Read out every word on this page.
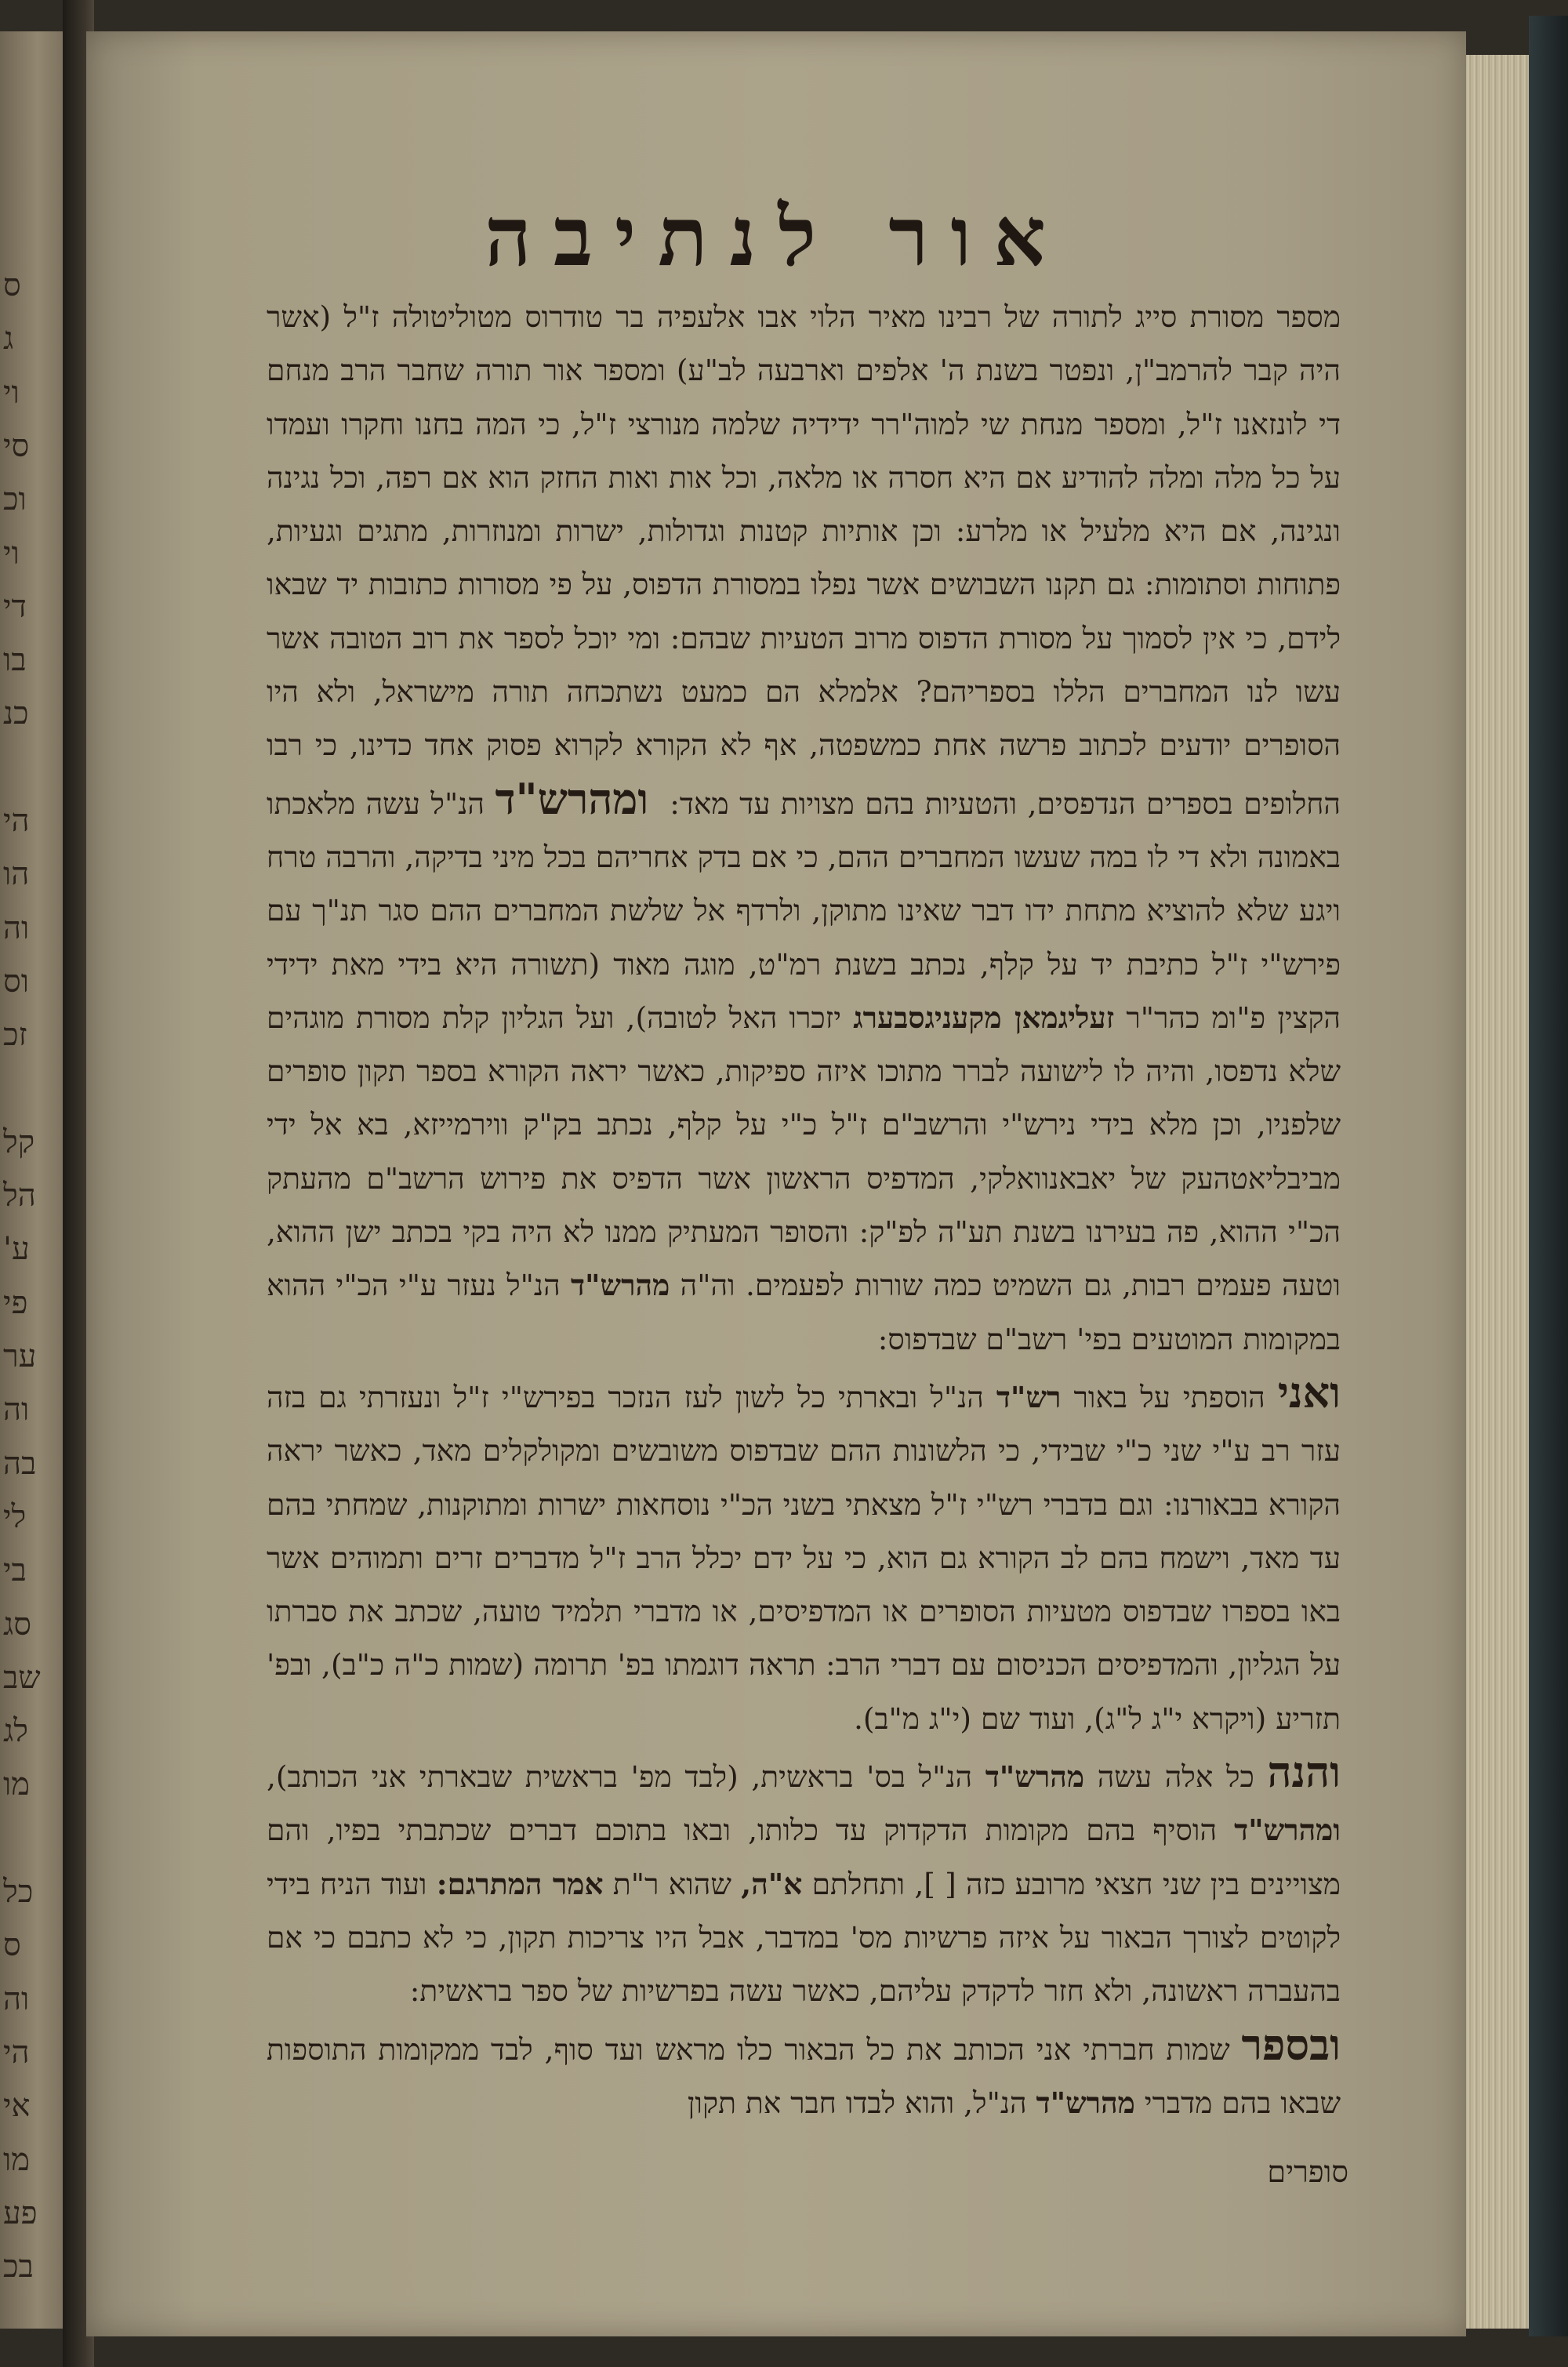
ס
ג
וי
סי
וכ
וי
די
בו
כנ
הי
הו
וה
וס
זכ
קל
הל
ע'
פי
ער
וה
בה
לי
בי
סג
שב
לג
מו
כל
ס
וה
הי
אי
מו
פע
בכ
אור לנתיבה

מספר מסורת סייג לתורה של רבינו מאיר הלוי אבו אלעפיה בר טודרוס מטוליטולה ז"ל (אשר היה קבר להרמב"ן, ונפטר בשנת ה' אלפים וארבעה לב"ע) ומספר אור תורה שחבר הרב מנחם די לונזאנו ז"ל, ומספר מנחת שי למוה"רר ידידיה שלמה מנורצי ז"ל, כי המה בחנו וחקרו ועמדו על כל מלה ומלה להודיע אם היא חסרה או מלאה, וכל אות ואות החזק הוא אם רפה, וכל נגינה ונגינה, אם היא מלעיל או מלרע: וכן אותיות קטנות וגדולות, ישרות ומנוזרות, מתגים וגעיות, פתוחות וסתומות: גם תקנו השבושים אשר נפלו במסורת הדפוס, על פי מסורות כתובות יד שבאו לידם, כי אין לסמוך על מסורת הדפוס מרוב הטעיות שבהם: ומי יוכל לספר את רוב הטובה אשר עשו לנו המחברים הללו בספריהם? אלמלא הם כמעט נשתכחה תורה מישראל, ולא היו הסופרים יודעים לכתוב פרשה אחת כמשפטה, אף לא הקורא לקרוא פסוק אחד כדינו, כי רבו החלופים בספרים הנדפסים, והטעיות בהם מצויות עד מאד:  ומהרש"ד הנ"ל עשה מלאכתו באמונה ולא די לו במה שעשו המחברים ההם, כי אם בדק אחריהם בכל מיני בדיקה, והרבה טרח ויגע שלא להוציא מתחת ידו דבר שאינו מתוקן, ולרדף אל שלשת המחברים ההם סגר תנ"ך עם פירש"י ז"ל כתיבת יד על קלף, נכתב בשנת רמ"ט, מוגה מאוד (תשורה היא בידי מאת ידידי הקצין פ"ומ כהר"ר זעליגמאן מקעניגסבערג יזכרו האל לטובה), ועל הגליון קלת מסורת מוגהים שלא נדפסו, והיה לו לישועה לברר מתוכו איזה ספיקות, כאשר יראה הקורא בספר תקון סופרים שלפניו, וכן מלא בידי נירש"י והרשב"ם ז"ל כ"י על קלף, נכתב בק"ק ווירמייזא, בא אל ידי מביבליאטהעק של יאבאנוואלקי, המדפיס הראשון אשר הדפיס את פירוש הרשב"ם מהעתק הכ"י ההוא, פה בעירנו בשנת תע"ה לפ"ק: והסופר המעתיק ממנו לא היה בקי בכתב ישן ההוא, וטעה פעמים רבות, גם השמיט כמה שורות לפעמים. וה"ה מהרש"ד הנ"ל נעזר ע"י הכ"י ההוא במקומות המוטעים בפי' רשב"ם שבדפוס:

ואני הוספתי על באור רש"ד הנ"ל ובארתי כל לשון לעז הנזכר בפירש"י ז"ל ונעזרתי גם בזה עזר רב ע"י שני כ"י שבידי, כי הלשונות ההם שבדפוס משובשים ומקולקלים מאד, כאשר יראה הקורא בבאורנו: וגם בדברי רש"י ז"ל מצאתי בשני הכ"י נוסחאות ישרות ומתוקנות, שמחתי בהם עד מאד, וישמח בהם לב הקורא גם הוא, כי על ידם יכלל הרב ז"ל מדברים זרים ותמוהים אשר באו בספרו שבדפוס מטעיות הסופרים או המדפיסים, או מדברי תלמיד טועה, שכתב את סברתו על הגליון, והמדפיסים הכניסום עם דברי הרב: תראה דוגמתו בפ' תרומה (שמות כ"ה כ"ב), ובפ' תזריע (ויקרא י"ג ל"ג), ועוד שם (י"ג מ"ב).

והנה כל אלה עשה מהרש"ד הנ"ל בס' בראשית, (לבד מפ' בראשית שבארתי אני הכותב), ומהרש"ד הוסיף בהם מקומות הדקדוק עד כלותו, ובאו בתוכם דברים שכתבתי בפיו, והם מצויינים בין שני חצאי מרובע כזה [ ], ותחלתם א"ה, שהוא ר"ת אמר המתרגם: ועוד הניח בידי לקוטים לצורך הבאור על איזה פרשיות מס' במדבר, אבל היו צריכות תקון, כי לא כתבם כי אם בהעברה ראשונה, ולא חזר לדקדק עליהם, כאשר עשה בפרשיות של ספר בראשית:

ובספר שמות חברתי אני הכותב את כל הבאור כלו מראש ועד סוף, לבד ממקומות התוספות שבאו בהם מדברי מהרש"ד הנ"ל, והוא לבדו חבר את תקון

סופרים
